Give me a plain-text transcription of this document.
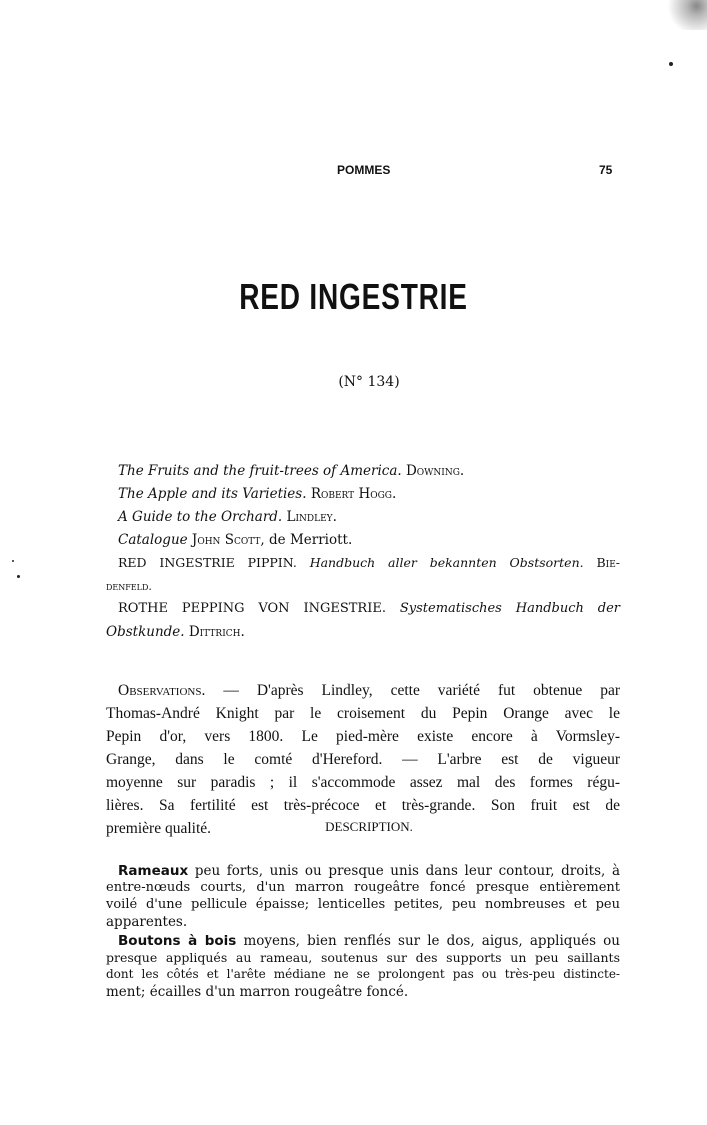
POMMES	75
RED INGESTRIE
(N° 134)
The Fruits and the fruit-trees of America. Downing.
The Apple and its Varieties. Robert Hogg.
A Guide to the Orchard. Lindley.
Catalogue John Scott, de Merriott.
RED INGESTRIE PIPPIN. Handbuch aller bekannten Obstsorten. Bie-
denfeld.
ROTHE PEPPING VON INGESTRIE. Systematisches Handbuch der
Obstkunde. Dittrich.
Observations. — D'après Lindley, cette variété fut obtenue par
Thomas-André Knight par le croisement du Pepin Orange avec le
Pepin d'or, vers 1800. Le pied-mère existe encore à Vormsley-
Grange, dans le comté d'Hereford. — L'arbre est de vigueur
moyenne sur paradis ; il s'accommode assez mal des formes régu-
lières. Sa fertilité est très-précoce et très-grande. Son fruit est de
première qualité.	DESCRIPTION.
Rameaux peu forts, unis ou presque unis dans leur contour, droits, à
entre-nœuds courts, d'un marron rougeâtre foncé presque entièrement
voilé d'une pellicule épaisse; lenticelles petites, peu nombreuses et peu
apparentes.
Boutons à bois moyens, bien renflés sur le dos, aigus, appliqués ou
presque appliqués au rameau, soutenus sur des supports un peu saillants
dont les côtés et l'arête médiane ne se prolongent pas ou très-peu distincte-
ment; écailles d'un marron rougeâtre foncé.
